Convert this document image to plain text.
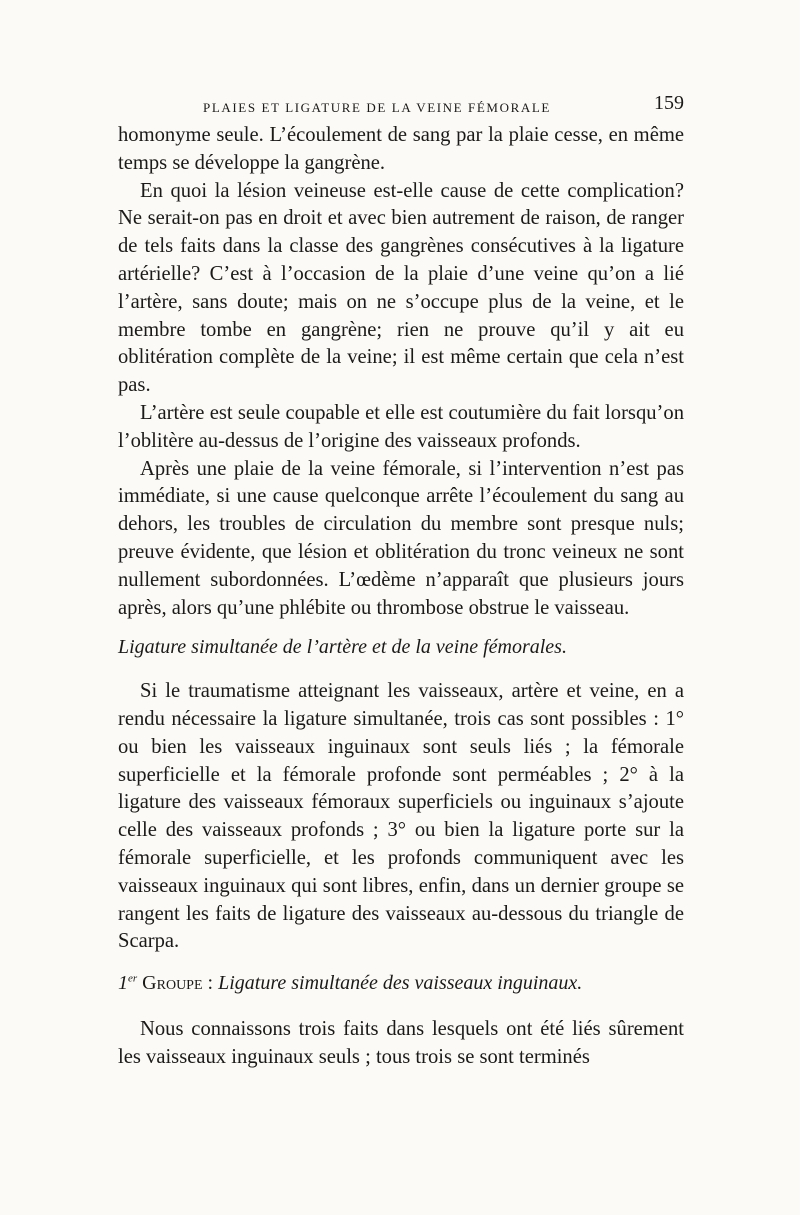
PLAIES ET LIGATURE DE LA VEINE FÉMORALE	159

homonyme seule. L’écoulement de sang par la plaie cesse, en même temps se développe la gangrène.

En quoi la lésion veineuse est-elle cause de cette complication? Ne serait-on pas en droit et avec bien autrement de raison, de ranger de tels faits dans la classe des gangrènes consécutives à la ligature artérielle? C’est à l’occasion de la plaie d’une veine qu’on a lié l’artère, sans doute; mais on ne s’occupe plus de la veine, et le membre tombe en gangrène; rien ne prouve qu’il y ait eu oblitération complète de la veine; il est même certain que cela n’est pas.

L’artère est seule coupable et elle est coutumière du fait lorsqu’on l’oblitère au-dessus de l’origine des vaisseaux profonds.

Après une plaie de la veine fémorale, si l’intervention n’est pas immédiate, si une cause quelconque arrête l’écoulement du sang au dehors, les troubles de circulation du membre sont presque nuls; preuve évidente, que lésion et oblitération du tronc veineux ne sont nullement subordonnées. L’œdème n’apparaît que plusieurs jours après, alors qu’une phlébite ou thrombose obstrue le vaisseau.

Ligature simultanée de l’artère et de la veine fémorales.

Si le traumatisme atteignant les vaisseaux, artère et veine, en a rendu nécessaire la ligature simultanée, trois cas sont possibles : 1° ou bien les vaisseaux inguinaux sont seuls liés ; la fémorale superficielle et la fémorale profonde sont perméables ; 2° à la ligature des vaisseaux fémoraux superficiels ou inguinaux s’ajoute celle des vaisseaux profonds ; 3° ou bien la ligature porte sur la fémorale superficielle, et les profonds communiquent avec les vaisseaux inguinaux qui sont libres, enfin, dans un dernier groupe se rangent les faits de ligature des vaisseaux au-dessous du triangle de Scarpa.

1er Groupe : Ligature simultanée des vaisseaux inguinaux.

Nous connaissons trois faits dans lesquels ont été liés sûrement les vaisseaux inguinaux seuls ; tous trois se sont terminés
